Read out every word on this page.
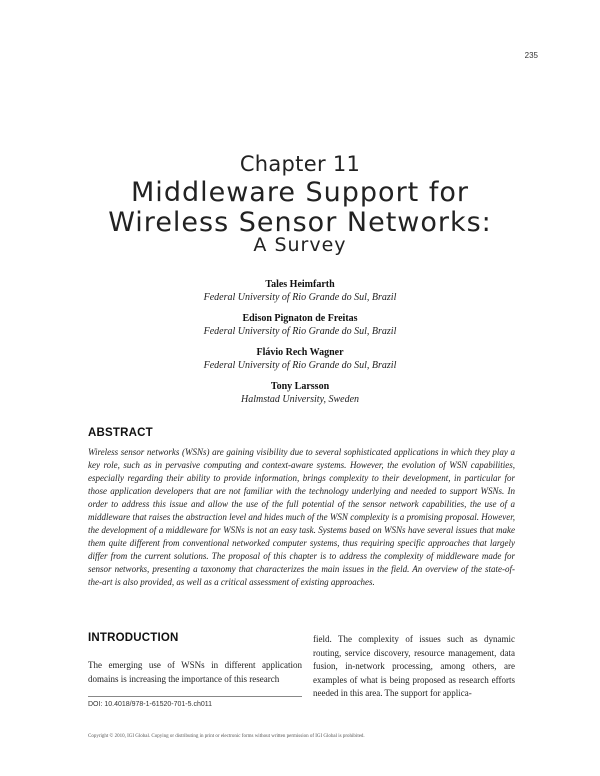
235
Chapter 11
Middleware Support for
Wireless Sensor Networks:
A Survey
Tales Heimfarth
Federal University of Rio Grande do Sul, Brazil
Edison Pignaton de Freitas
Federal University of Rio Grande do Sul, Brazil
Flávio Rech Wagner
Federal University of Rio Grande do Sul, Brazil
Tony Larsson
Halmstad University, Sweden
ABSTRACT

Wireless sensor networks (WSNs) are gaining visibility due to several sophisticated applications in which they play a key role, such as in pervasive computing and context-aware systems. However, the evolution of WSN capabilities, especially regarding their ability to provide information, brings complexity to their development, in particular for those application developers that are not familiar with the technology underlying and needed to support WSNs. In order to address this issue and allow the use of the full potential of the sensor network capabilities, the use of a middleware that raises the abstraction level and hides much of the WSN complexity is a promising proposal. However, the development of a middleware for WSNs is not an easy task. Systems based on WSNs have several issues that make them quite different from conventional networked computer systems, thus requiring specific approaches that largely differ from the current solutions. The proposal of this chapter is to address the complexity of middleware made for sensor networks, presenting a taxonomy that characterizes the main issues in the field. An overview of the state-of-the-art is also provided, as well as a critical assessment of existing approaches.

INTRODUCTION
The emerging use of WSNs in different application domains is increasing the importance of this research
field. The complexity of issues such as dynamic routing, service discovery, resource management, data fusion, in-network processing, among others, are examples of what is being proposed as research efforts needed in this area. The support for applica-
DOI: 10.4018/978-1-61520-701-5.ch011
Copyright © 2010, IGI Global. Copying or distributing in print or electronic forms without written permission of IGI Global is prohibited.
